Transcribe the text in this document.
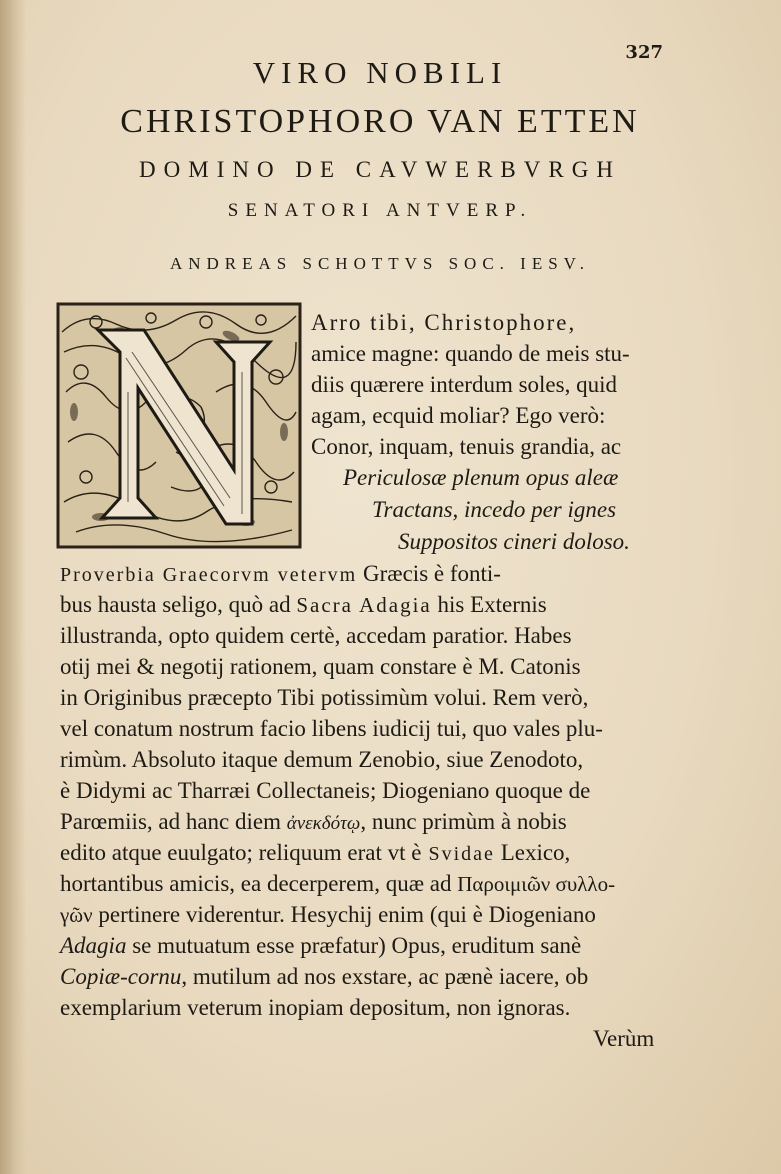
327
VIRO NOBILI
CHRISTOPHORO VAN ETTEN
DOMINO DE CAVWERBVRGH
SENATORI ANTVERP.
ANDREAS SCHOTTVS SOC. IESV.
Arro tibi, Christophore,
amice magne: quando de meis stu-
diis quærere interdum soles, quid
agam, ecquid moliar? Ego verò:
Conor, inquam, tenuis grandia, ac
Periculosæ plenum opus aleæ
Tractans, incedo per ignes
Suppositos cineri doloso.
Proverbia Graecorvm vetervm Græcis è fonti-
bus hausta seligo, quò ad Sacra Adagia his Externis
illustranda, opto quidem certè, accedam paratior. Habes
otij mei & negotij rationem, quam constare è M. Catonis
in Originibus præcepto Tibi potissimùm volui. Rem verò,
vel conatum nostrum facio libens iudicij tui, quo vales plu-
rimùm. Absoluto itaque demum Zenobio, siue Zenodoto,
è Didymi ac Tharræi Collectaneis; Diogeniano quoque de
Parœmiis, ad hanc diem ἀνεκδότῳ, nunc primùm à nobis
edito atque euulgato; reliquum erat vt è Svidae Lexico,
hortantibus amicis, ea decerperem, quæ ad Παροιμιῶν συλλο-
γῶν pertinere viderentur. Hesychij enim (qui è Diogeniano
Adagia se mutuatum esse præfatur) Opus, eruditum sanè
Copiæ-cornu, mutilum ad nos exstare, ac pænè iacere, ob
exemplarium veterum inopiam depositum, non ignoras.
Verùm
